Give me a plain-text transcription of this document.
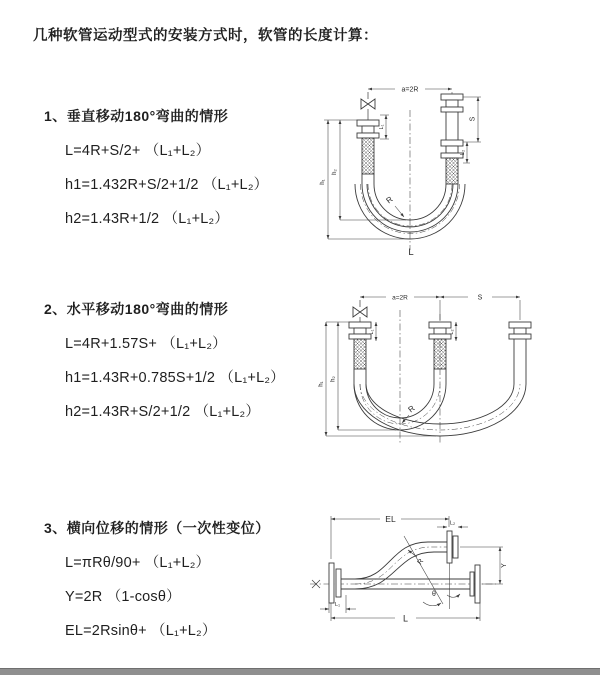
几种软管运动型式的安装方式时，软管的长度计算：
1、垂直移动180°弯曲的情形
L=4R+S/2+ （L₁+L₂）
h1=1.432R+S/2+1/2 （L₁+L₂）
h2=1.43R+1/2 （L₁+L₂）
2、水平移动180°弯曲的情形
L=4R+1.57S+ （L₁+L₂）
h1=1.43R+0.785S+1/2 （L₁+L₂）
h2=1.43R+S/2+1/2 （L₁+L₂）
3、横向位移的情形（一次性变位）
L=πRθ/90+ （L₁+L₂）
Y=2R （1-cosθ）
EL=2Rsinθ+ （L₁+L₂）
a=2R
h₂
h₁
L₁
S
L₂
R
L
a=2R	S
h₂
h₁
L₁	L₂
R
EL	L₂
Y
L
L₁
θ
R
